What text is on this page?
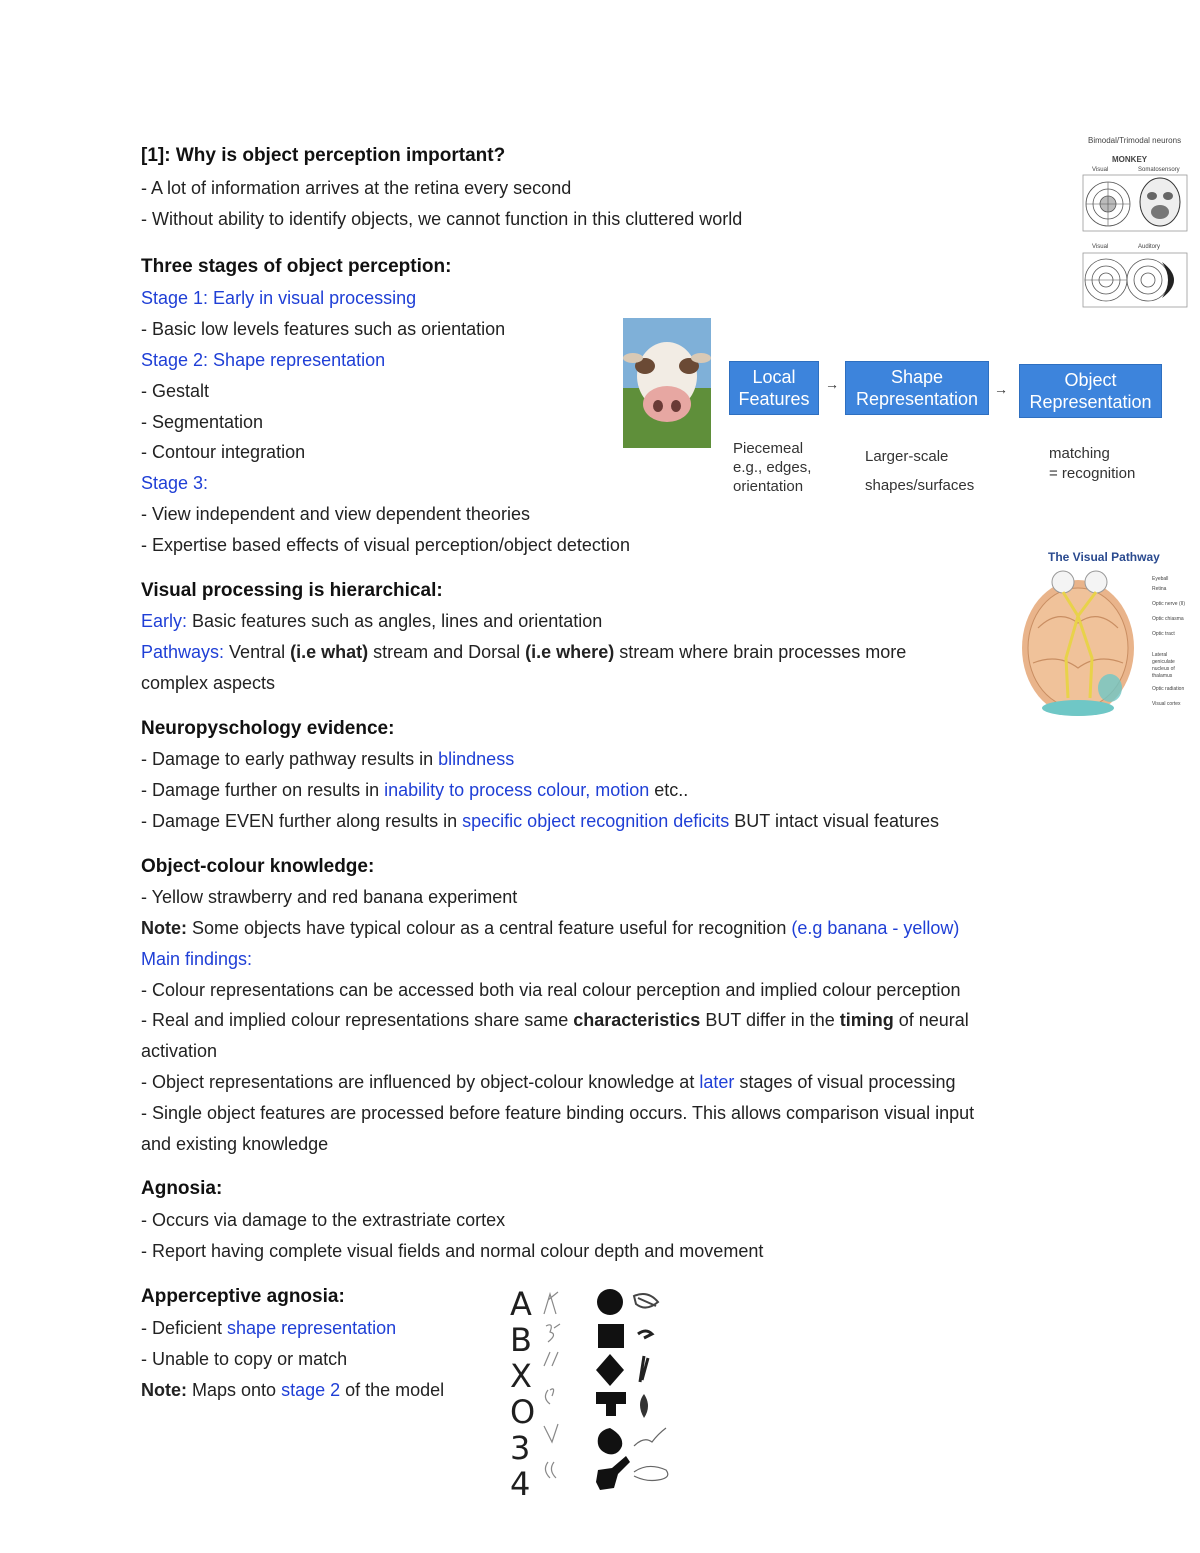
[1]: Why is object perception important?
- A lot of information arrives at the retina every second
- Without ability to identify objects, we cannot function in this cluttered world
Three stages of object perception:
Stage 1: Early in visual processing
- Basic low levels features such as orientation
Stage 2: Shape representation
- Gestalt
- Segmentation
- Contour integration
Stage 3:
- View independent and view dependent theories
- Expertise based effects of visual perception/object detection
Visual processing is hierarchical:
Early: Basic features such as angles, lines and orientation
Pathways: Ventral (i.e what) stream and Dorsal (i.e where) stream where brain processes more
complex aspects
Neuropyschology evidence:
- Damage to early pathway results in blindness
- Damage further on results in inability to process colour, motion etc..
- Damage EVEN further along results in specific object recognition deficits BUT intact visual features
Object-colour knowledge:
- Yellow strawberry and red banana experiment
Note: Some objects have typical colour as a central feature useful for recognition (e.g banana - yellow)
Main findings:
- Colour representations can be accessed both via real colour perception and implied colour perception
- Real and implied colour representations share same characteristics BUT differ in the timing of neural
activation
- Object representations are influenced by object-colour knowledge at later stages of visual processing
- Single object features are processed before feature binding occurs. This allows comparison visual input
and existing knowledge
Agnosia:
- Occurs via damage to the extrastriate cortex
- Report having complete visual fields and normal colour depth and movement
Apperceptive agnosia:
- Deficient shape representation
- Unable to copy or match
Note: Maps onto stage 2 of the model
Bimodal/Trimodal neurons
MONKEY
Visual	Somatosensory
Visual	Auditory
Local
Features
→	Shape
Representation →	Object
Representation
Piecemeal
e.g., edges,
orientation
Larger-scale
shapes/surfaces
matching
= recognition
The Visual Pathway
Eyeball
Retina
Optic nerve (II)
Optic chiasma
Optic tract
Lateral geniculate nucleus of thalamus
Optic radiation
Visual cortex
A
B
X
O
3
4
